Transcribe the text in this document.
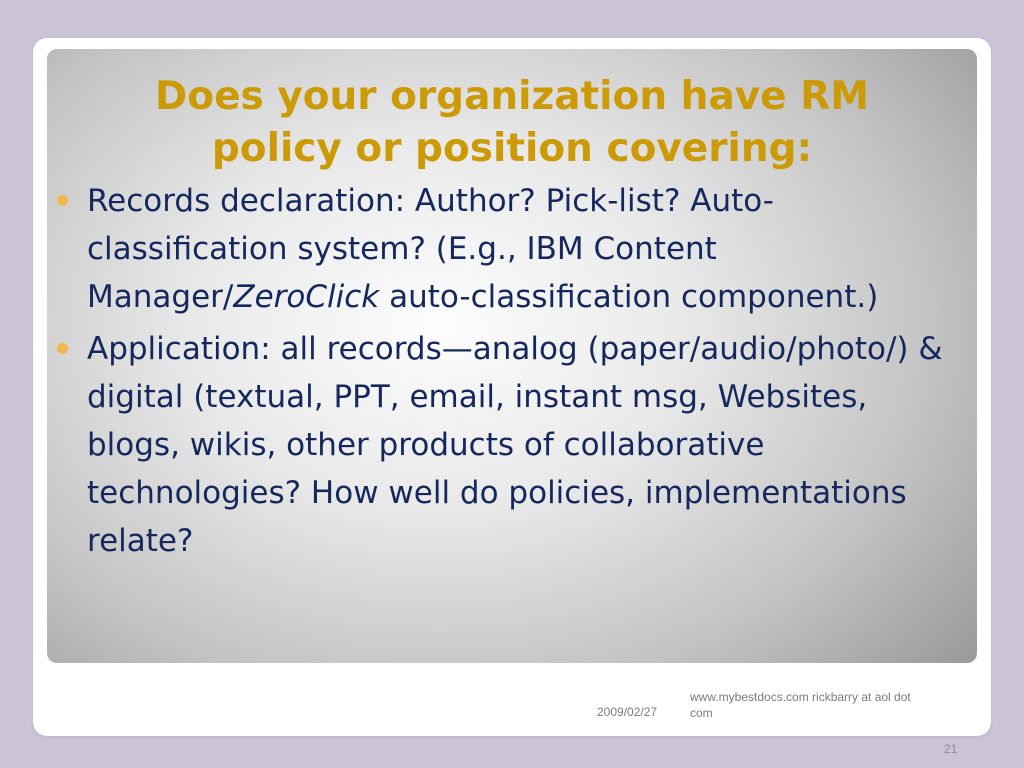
Does your organization have RM
policy or position covering:
Records declaration: Author? Pick-list? Auto-classification system? (E.g., IBM Content Manager/ZeroClick auto-classification component.)
Application: all records—analog (paper/audio/photo/) & digital (textual, PPT, email, instant msg, Websites, blogs, wikis, other products of collaborative technologies? How well do policies, implementations relate?
2009/02/27
www.mybestdocs.com rickbarry at aol dot com
21
